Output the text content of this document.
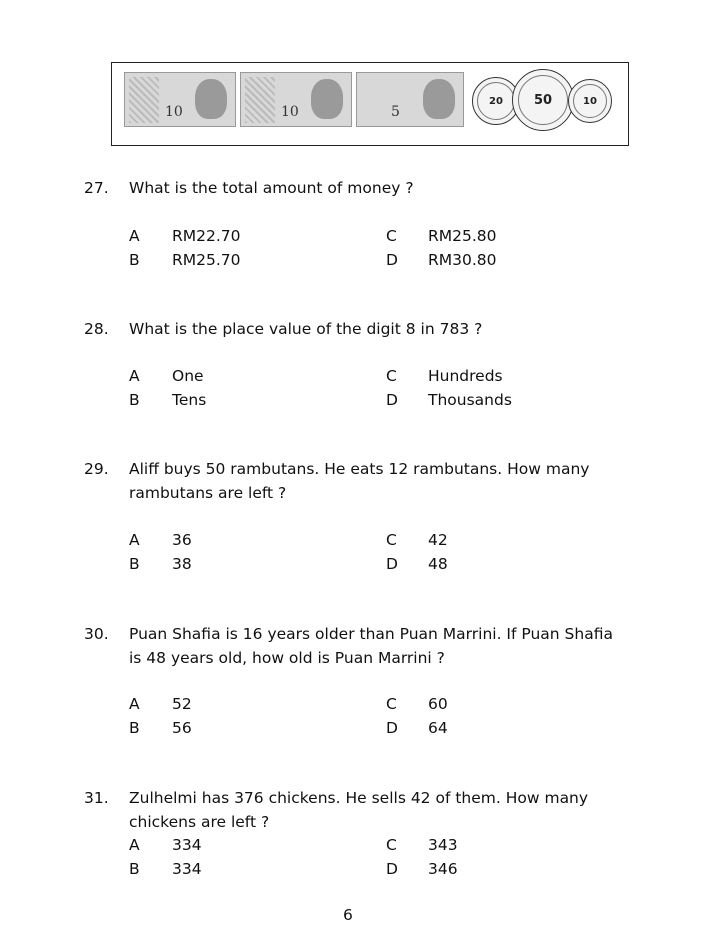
10	10	5
20 50	10
27. What is the total amount of money ?
A RM22.70	C RM25.80
B RM25.70	D RM30.80
28. What is the place value of the digit 8 in 783 ?
A One	C Hundreds
B Tens	D Thousands
29. Aliff buys 50 rambutans. He eats 12 rambutans. How many
rambutans are left ?
A 36	C 42
B 38	D 48
30. Puan Shafia is 16 years older than Puan Marrini. If Puan Shafia
is 48 years old, how old is Puan Marrini ?
A 52	C 60
B 56	D 64
31. Zulhelmi has 376 chickens. He sells 42 of them. How many
chickens are left ?
A 334	C 343
B 334	D 346
6
